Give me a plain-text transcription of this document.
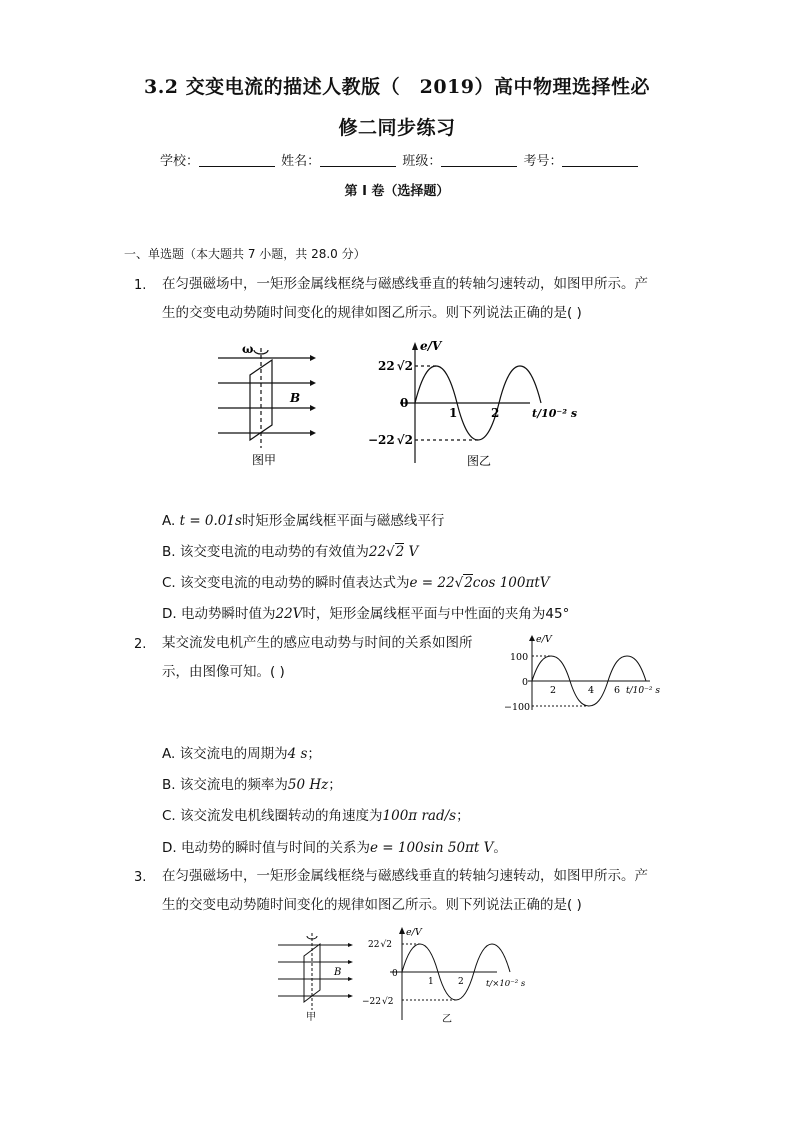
3.2 交变电流的描述人教版（　2019）高中物理选择性必
修二同步练习
学校：	姓名：	班级：	考号：
第 I 卷（选择题）
一、单选题（本大题共 7 小题，共 28.0 分）
1. 在匀强磁场中，一矩形金属线框绕与磁感线垂直的转轴匀速转动，如图甲所示。产
生的交变电动势随时间变化的规律如图乙所示。则下列说法正确的是( )
ω
B
图甲
e/V
22 √2
0
−22 √2
1	2	t/10⁻² s
图乙
A. t = 0.01s时矩形金属线框平面与磁感线平行
B. 该交变电流的电动势的有效值为22√2 V
C. 该交变电流的电动势的瞬时值表达式为e = 22√2cos 100πtV
D. 电动势瞬时值为22V时，矩形金属线框平面与中性面的夹角为45°
2. 某交流发电机产生的感应电动势与时间的关系如图所
示，由图像可知。( )
e/V
100
0
−100
2	4 6 t/10⁻² s
A. 该交流电的周期为4 s；
B. 该交流电的频率为50 Hz；
C. 该交流发电机线圈转动的角速度为100π rad/s；
D. 电动势的瞬时值与时间的关系为e = 100sin 50πt V。
3. 在匀强磁场中，一矩形金属线框绕与磁感线垂直的转轴匀速转动，如图甲所示。产
生的交变电动势随时间变化的规律如图乙所示。则下列说法正确的是( )
B
甲
e/V
22√2
0
−22√2
1	2	t/×10⁻² s
乙
